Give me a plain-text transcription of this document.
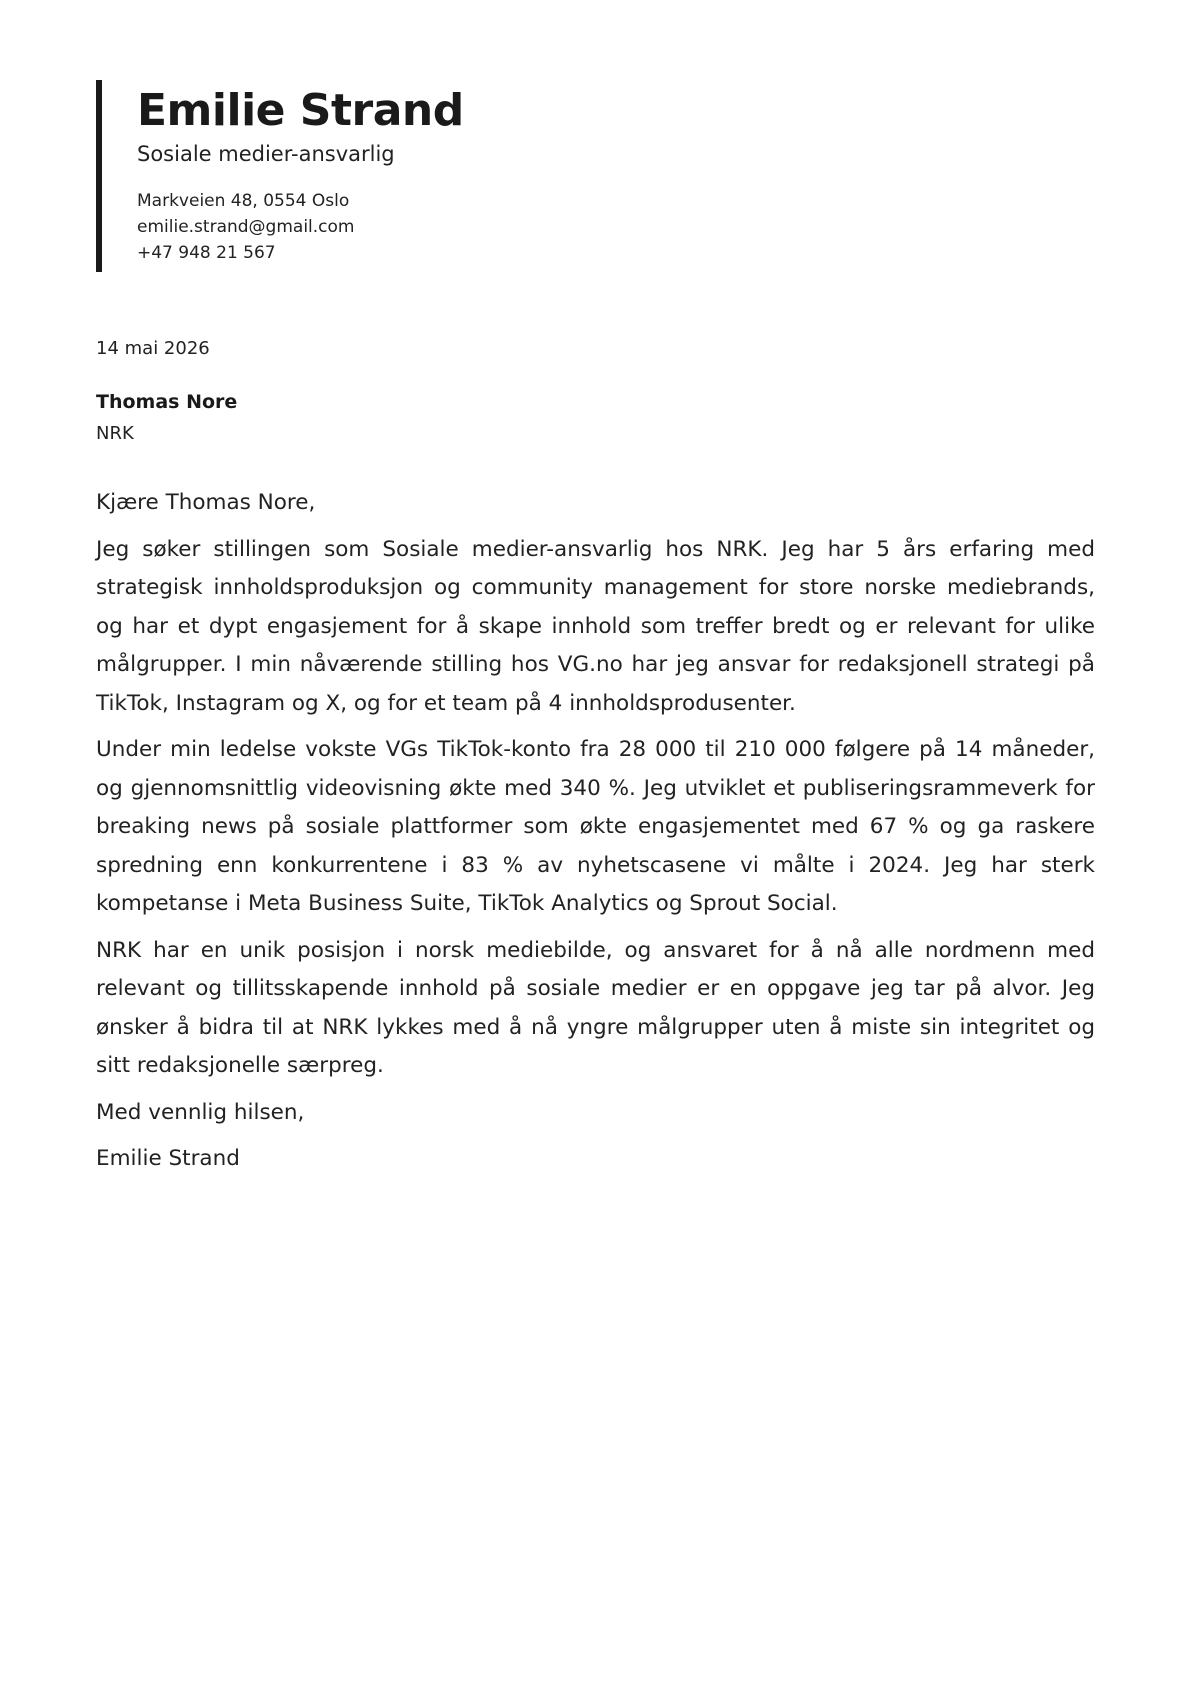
Emilie Strand
Sosiale medier-ansvarlig
Markveien 48, 0554 Oslo
emilie.strand@gmail.com
+47 948 21 567
14 mai 2026
Thomas Nore
NRK

Kjære Thomas Nore,

Jeg søker stillingen som Sosiale medier-ansvarlig hos NRK. Jeg har 5 års erfaring med strategisk innholdsproduksjon og community management for store norske mediebrands, og har et dypt engasjement for å skape innhold som treffer bredt og er relevant for ulike målgrupper. I min nåværende stilling hos VG.no har jeg ansvar for redaksjonell strategi på TikTok, Instagram og X, og for et team på 4 innholdsprodusenter.

Under min ledelse vokste VGs TikTok-konto fra 28 000 til 210 000 følgere på 14 måneder, og gjennomsnittlig videovisning økte med 340 %. Jeg utviklet et publiseringsrammeverk for breaking news på sosiale plattformer som økte engasjementet med 67 % og ga raskere spredning enn konkurrentene i 83 % av nyhetscasene vi målte i 2024. Jeg har sterk kompetanse i Meta Business Suite, TikTok Analytics og Sprout Social.

NRK har en unik posisjon i norsk mediebilde, og ansvaret for å nå alle nordmenn med relevant og tillitsskapende innhold på sosiale medier er en oppgave jeg tar på alvor. Jeg ønsker å bidra til at NRK lykkes med å nå yngre målgrupper uten å miste sin integritet og sitt redaksjonelle særpreg.

Med vennlig hilsen,

Emilie Strand
